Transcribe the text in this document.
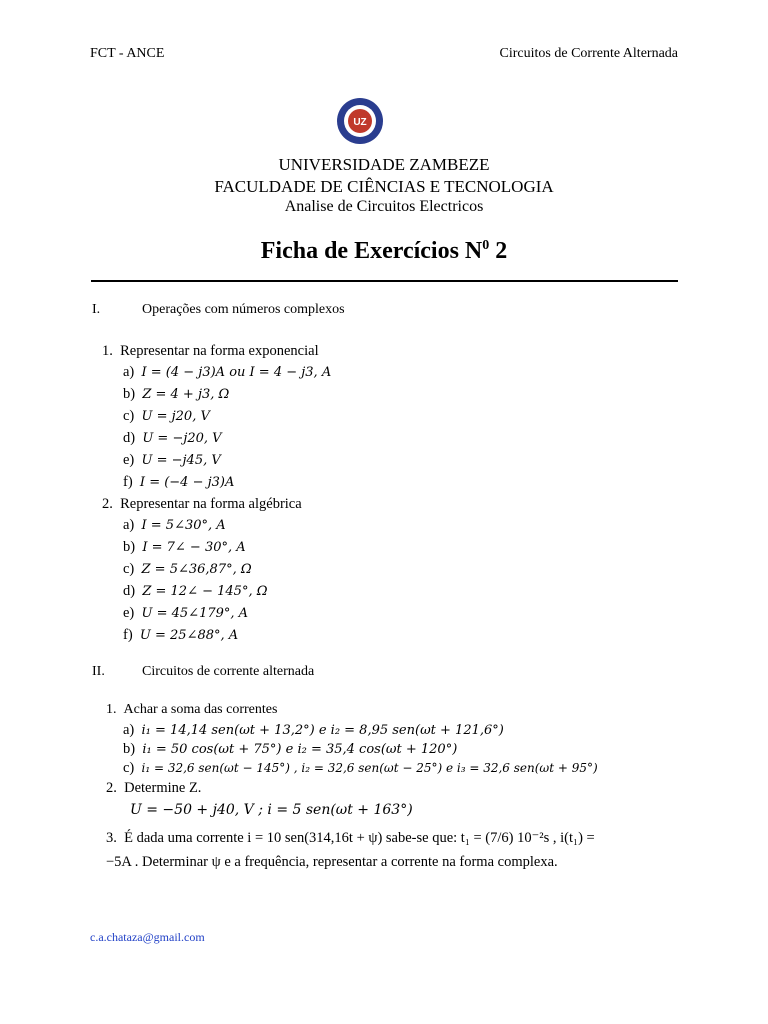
FCT - ANCE	Circuitos de Corrente Alternada
UZ
UNIVERSIDADE ZAMBEZE
FACULDADE DE CIÊNCIAS E TECNOLOGIA
Analise de Circuitos Electricos
Ficha de Exercícios $N^0$ 2
I.	Operações com números complexos
1. Representar na forma exponencial
a) I = (4 − j3)A ou I = 4 − j3, A
b) Z = 4 + j3, Ω
c) U = j20, V
d) U = −j20, V
e) U = −j45, V
f) I = (−4 − j3)A
2. Representar na forma algébrica
a) I = 5∠30°, A
b) I = 7∠ − 30°, A
c) Z = 5∠36,87°, Ω
d) Z = 12∠ − 145°, Ω
e) U = 45∠179°, A
f) U = 25∠88°, A
II.	Circuitos de corrente alternada
1. Achar a soma das correntes
a) i₁ = 14,14 sen(ωt + 13,2°) e i₂ = 8,95 sen(ωt + 121,6°)
b) i₁ = 50 cos(ωt + 75°) e i₂ = 35,4 cos(ωt + 120°)
c) i₁ = 32,6 sen(ωt − 145°) , i₂ = 32,6 sen(ωt − 25°) e i₃ = 32,6 sen(ωt + 95°)
2. Determine Z.
U = −50 + j40, V ; i = 5 sen(ωt + 163°)
3. É dada uma corrente i = 10 sen(314,16t + ψ) sabe-se que: t₁ = (7/6) 10⁻²s , i(t₁) =
−5A . Determinar ψ e a frequência, representar a corrente na forma complexa.
c.a.chataza@gmail.com
